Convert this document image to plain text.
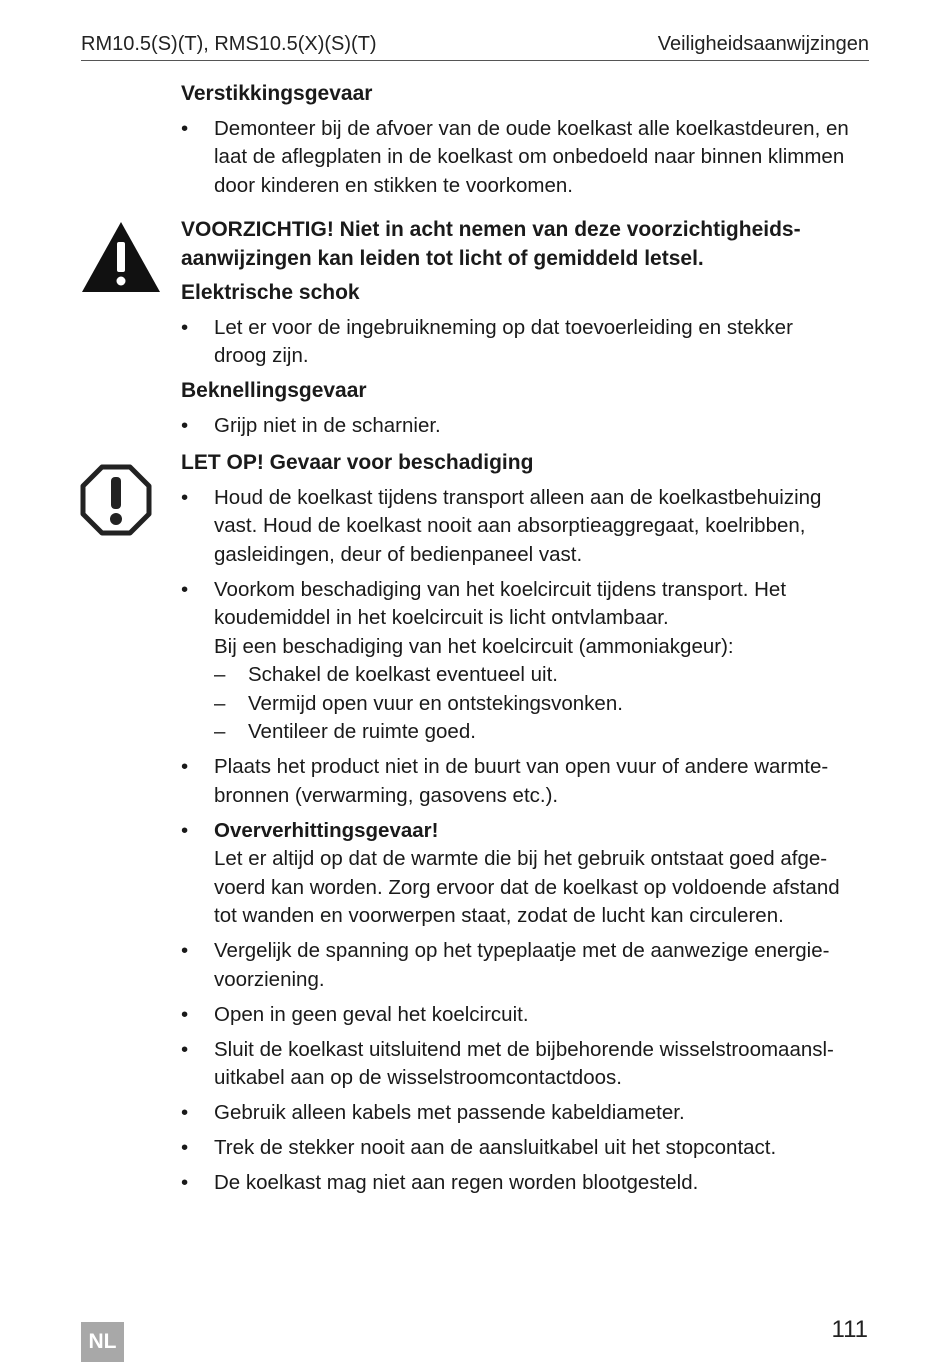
RM10.5(S)(T), RMS10.5(X)(S)(T)	Veiligheidsaanwijzingen

Verstikkingsgevaar

• Demonteer bij de afvoer van de oude koelkast alle koelkastdeuren, en
laat de aflegplaten in de koelkast om onbedoeld naar binnen klimmen
door kinderen en stikken te voorkomen.

VOORZICHTIG! Niet in acht nemen van deze voorzichtigheids-
aanwijzingen kan leiden tot licht of gemiddeld letsel.

Elektrische schok

• Let er voor de ingebruikneming op dat toevoerleiding en stekker
droog zijn.

Beknellingsgevaar

• Grijp niet in de scharnier.

LET OP! Gevaar voor beschadiging

• Houd de koelkast tijdens transport alleen aan de koelkastbehuizing
vast. Houd de koelkast nooit aan absorptieaggregaat, koelribben,
gasleidingen, deur of bedienpaneel vast.
• Voorkom beschadiging van het koelcircuit tijdens transport. Het
koudemiddel in het koelcircuit is licht ontvlambaar.
Bij een beschadiging van het koelcircuit (ammoniakgeur):
– Schakel de koelkast eventueel uit.
– Vermijd open vuur en ontstekingsvonken.
– Ventileer de ruimte goed.
• Plaats het product niet in de buurt van open vuur of andere warmte-
bronnen (verwarming, gasovens etc.).
• Oververhittingsgevaar!
Let er altijd op dat de warmte die bij het gebruik ontstaat goed afge-
voerd kan worden. Zorg ervoor dat de koelkast op voldoende afstand
tot wanden en voorwerpen staat, zodat de lucht kan circuleren.
• Vergelijk de spanning op het typeplaatje met de aanwezige energie-
voorziening.
• Open in geen geval het koelcircuit.
• Sluit de koelkast uitsluitend met de bijbehorende wisselstroomaansl-
uitkabel aan op de wisselstroomcontactdoos.
• Gebruik alleen kabels met passende kabeldiameter.
• Trek de stekker nooit aan de aansluitkabel uit het stopcontact.
• De koelkast mag niet aan regen worden blootgesteld.
NL	111
